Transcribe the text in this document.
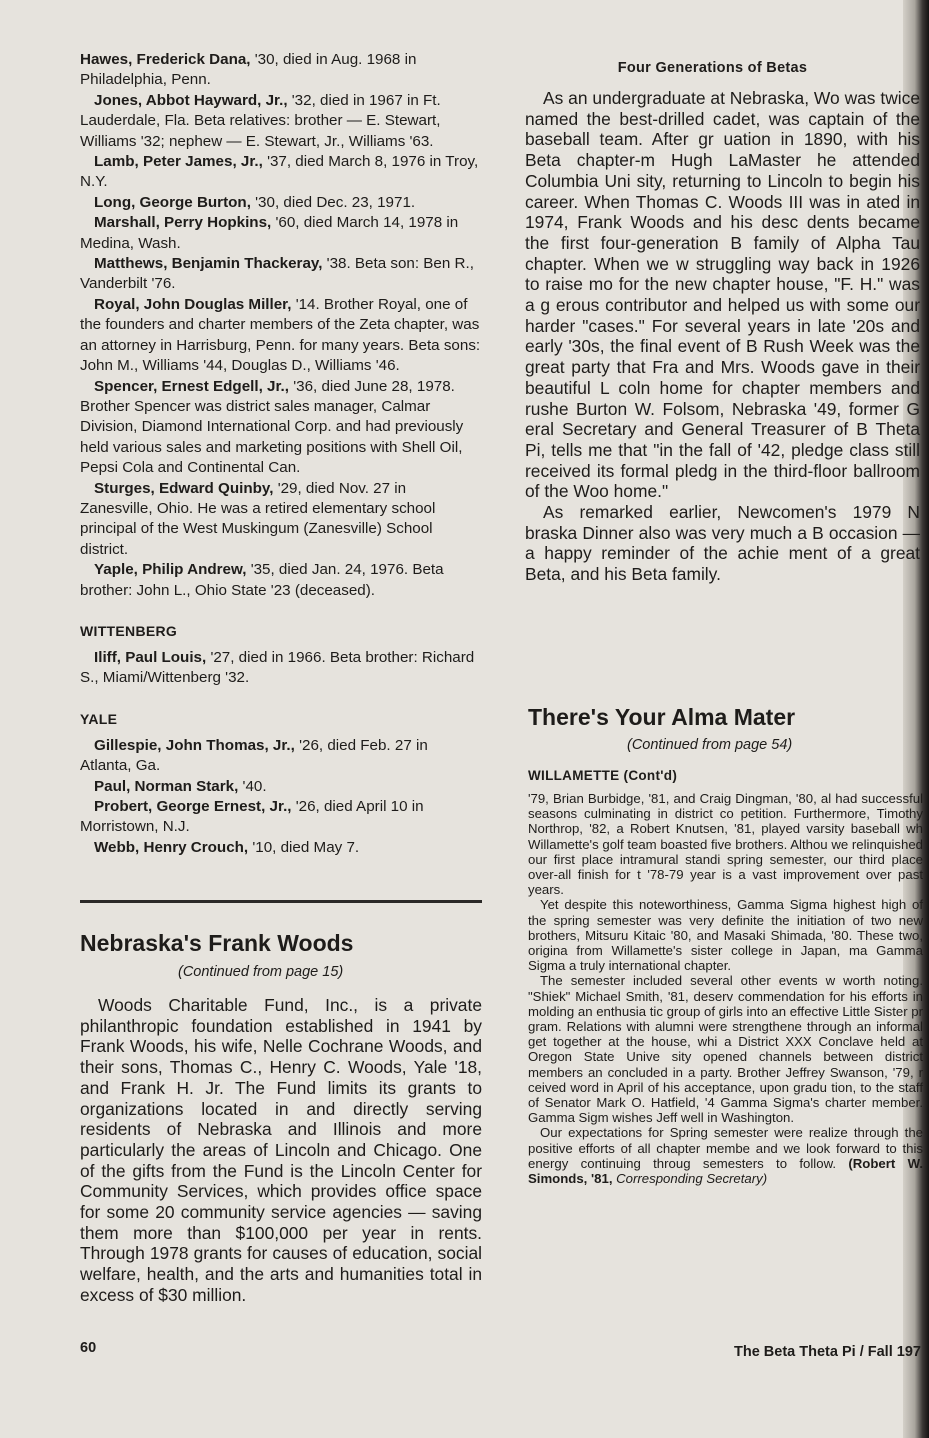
Hawes, Frederick Dana, '30, died in Aug. 1968 in Philadelphia, Penn.

Jones, Abbot Hayward, Jr., '32, died in 1967 in Ft. Lauderdale, Fla. Beta relatives: brother — E. Stewart, Williams '32; nephew — E. Stewart, Jr., Williams '63.

Lamb, Peter James, Jr., '37, died March 8, 1976 in Troy, N.Y.

Long, George Burton, '30, died Dec. 23, 1971.

Marshall, Perry Hopkins, '60, died March 14, 1978 in Medina, Wash.

Matthews, Benjamin Thackeray, '38. Beta son: Ben R., Vanderbilt '76.

Royal, John Douglas Miller, '14. Brother Royal, one of the founders and charter members of the Zeta chapter, was an attorney in Harrisburg, Penn. for many years. Beta sons: John M., Williams '44, Douglas D., Williams '46.

Spencer, Ernest Edgell, Jr., '36, died June 28, 1978. Brother Spencer was district sales manager, Calmar Division, Diamond International Corp. and had previously held various sales and marketing positions with Shell Oil, Pepsi Cola and Continental Can.

Sturges, Edward Quinby, '29, died Nov. 27 in Zanesville, Ohio. He was a retired elementary school principal of the West Muskingum (Zanesville) School district.

Yaple, Philip Andrew, '35, died Jan. 24, 1976. Beta brother: John L., Ohio State '23 (deceased).

WITTENBERG

Iliff, Paul Louis, '27, died in 1966. Beta brother: Richard S., Miami/Wittenberg '32.

YALE

Gillespie, John Thomas, Jr., '26, died Feb. 27 in Atlanta, Ga.

Paul, Norman Stark, '40.

Probert, George Ernest, Jr., '26, died April 10 in Morristown, N.J.

Webb, Henry Crouch, '10, died May 7.

Nebraska's Frank Woods

(Continued from page 15)

Woods Charitable Fund, Inc., is a private philanthropic foundation established in 1941 by Frank Woods, his wife, Nelle Cochrane Woods, and their sons, Thomas C., Henry C. Woods, Yale '18, and Frank H. Jr. The Fund limits its grants to organizations located in and directly serving residents of Nebraska and Illinois and more particularly the areas of Lincoln and Chicago. One of the gifts from the Fund is the Lincoln Center for Community Services, which provides office space for some 20 community service agencies — saving them more than $100,000 per year in rents. Through 1978 grants for causes of education, social welfare, health, and the arts and humanities total in excess of $30 million.

Four Generations of Betas

As an undergraduate at Nebraska, Wo was twice named the best-drilled cadet, was captain of the baseball team. After gr uation in 1890, with his Beta chapter-m Hugh LaMaster he attended Columbia Uni sity, returning to Lincoln to begin his career. When Thomas C. Woods III was in ated in 1974, Frank Woods and his desc dents became the first four-generation B family of Alpha Tau chapter. When we w struggling way back in 1926 to raise mo for the new chapter house, "F. H." was a g erous contributor and helped us with some our harder "cases." For several years in late '20s and early '30s, the final event of B Rush Week was the great party that Fra and Mrs. Woods gave in their beautiful L coln home for chapter members and rushe Burton W. Folsom, Nebraska '49, former G eral Secretary and General Treasurer of B Theta Pi, tells me that "in the fall of '42, pledge class still received its formal pledg in the third-floor ballroom of the Woo home."

As remarked earlier, Newcomen's 1979 N braska Dinner also was very much a B occasion — a happy reminder of the achie ment of a great Beta, and his Beta family.

There's Your Alma Mater

(Continued from page 54)

WILLAMETTE (Cont'd)

'79, Brian Burbidge, '81, and Craig Dingman, '80, al had successful seasons culminating in district co petition. Furthermore, Timothy Northrop, '82, a Robert Knutsen, '81, played varsity baseball wh Willamette's golf team boasted five brothers. Althou we relinquished our first place intramural standi spring semester, our third place over-all finish for t '78-79 year is a vast improvement over past years.

Yet despite this noteworthiness, Gamma Sigma highest high of the spring semester was very definite the initiation of two new brothers, Mitsuru Kitaic '80, and Masaki Shimada, '80. These two, origina from Willamette's sister college in Japan, ma Gamma Sigma a truly international chapter.

The semester included several other events w worth noting. "Shiek" Michael Smith, '81, deserv commendation for his efforts in molding an enthusia tic group of girls into an effective Little Sister pr gram. Relations with alumni were strengthene through an informal get together at the house, whi a District XXX Conclave held at Oregon State Unive sity opened channels between district members an concluded in a party. Brother Jeffrey Swanson, '79, r ceived word in April of his acceptance, upon gradu tion, to the staff of Senator Mark O. Hatfield, '4 Gamma Sigma's charter member. Gamma Sigm wishes Jeff well in Washington.

Our expectations for Spring semester were realize through the positive efforts of all chapter membe and we look forward to this energy continuing throug semesters to follow. (Robert W. Simonds, '81, Corresponding Secretary)

60	The Beta Theta Pi / Fall 197
